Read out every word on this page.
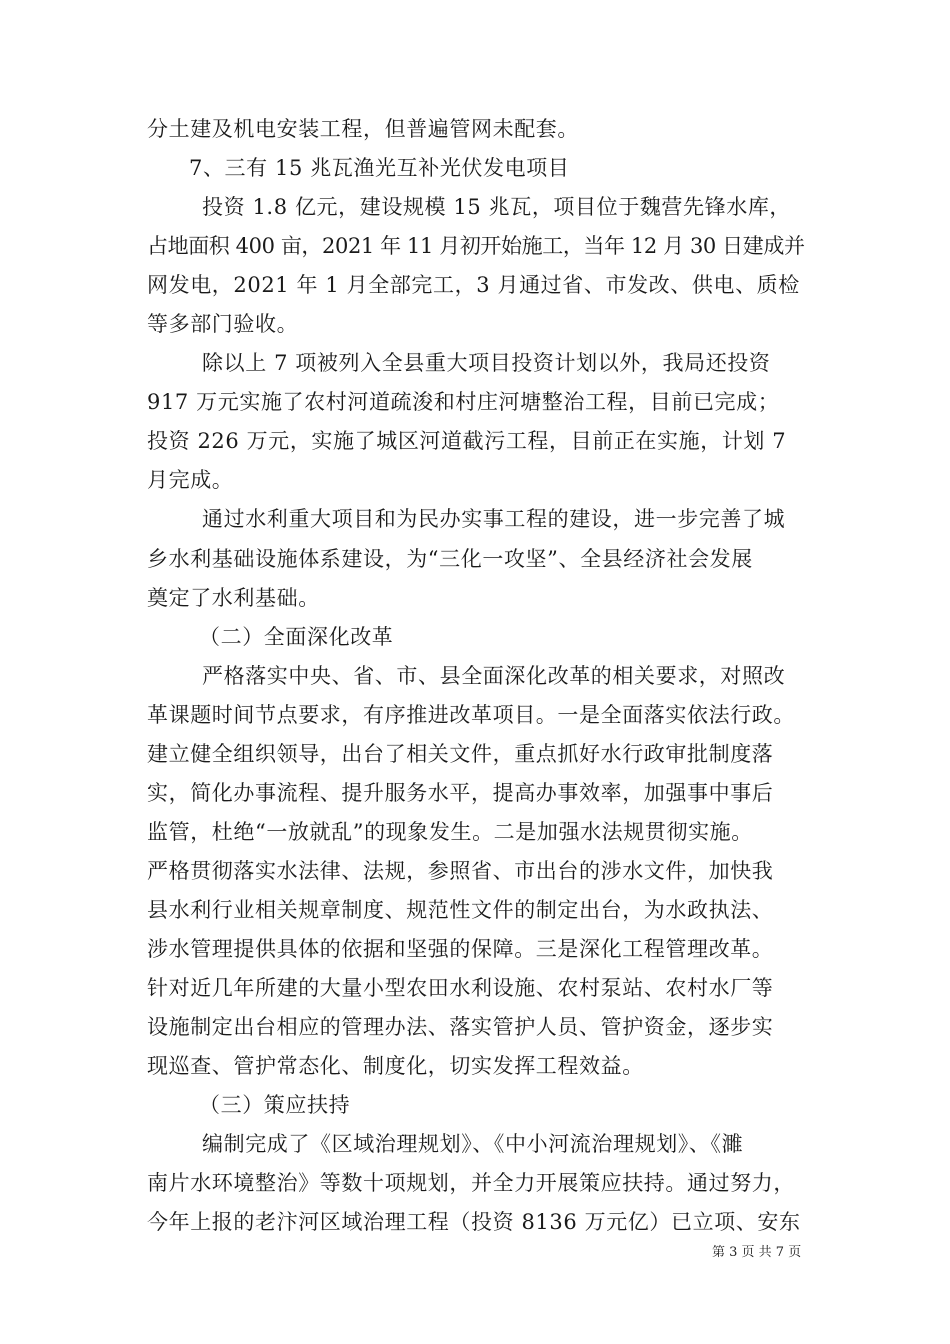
分土建及机电安装工程，但普遍管网未配套。
7、三有 15 兆瓦渔光互补光伏发电项目
投资 1.8 亿元，建设规模 15 兆瓦，项目位于魏营先锋水库，
占地面积 400 亩，2021 年 11 月初开始施工，当年 12 月 30 日建成并
网发电，2021 年 1 月全部完工，3 月通过省、市发改、供电、质检
等多部门验收。
除以上 7 项被列入全县重大项目投资计划以外，我局还投资
917 万元实施了农村河道疏浚和村庄河塘整治工程，目前已完成；
投资 226 万元，实施了城区河道截污工程，目前正在实施，计划 7
月完成。
通过水利重大项目和为民办实事工程的建设，进一步完善了城
乡水利基础设施体系建设，为“三化一攻坚”、全县经济社会发展
奠定了水利基础。
（二）全面深化改革
严格落实中央、省、市、县全面深化改革的相关要求，对照改
革课题时间节点要求，有序推进改革项目。一是全面落实依法行政。
建立健全组织领导，出台了相关文件，重点抓好水行政审批制度落
实，简化办事流程、提升服务水平，提高办事效率，加强事中事后
监管，杜绝“一放就乱”的现象发生。二是加强水法规贯彻实施。
严格贯彻落实水法律、法规，参照省、市出台的涉水文件，加快我
县水利行业相关规章制度、规范性文件的制定出台，为水政执法、
涉水管理提供具体的依据和坚强的保障。三是深化工程管理改革。
针对近几年所建的大量小型农田水利设施、农村泵站、农村水厂等
设施制定出台相应的管理办法、落实管护人员、管护资金，逐步实
现巡查、管护常态化、制度化，切实发挥工程效益。
（三）策应扶持
编制完成了《区域治理规划》、《中小河流治理规划》、《濉
南片水环境整治》等数十项规划，并全力开展策应扶持。通过努力，
今年上报的老汴河区域治理工程（投资 8136 万元亿）已立项、安东
第 3 页 共 7 页
